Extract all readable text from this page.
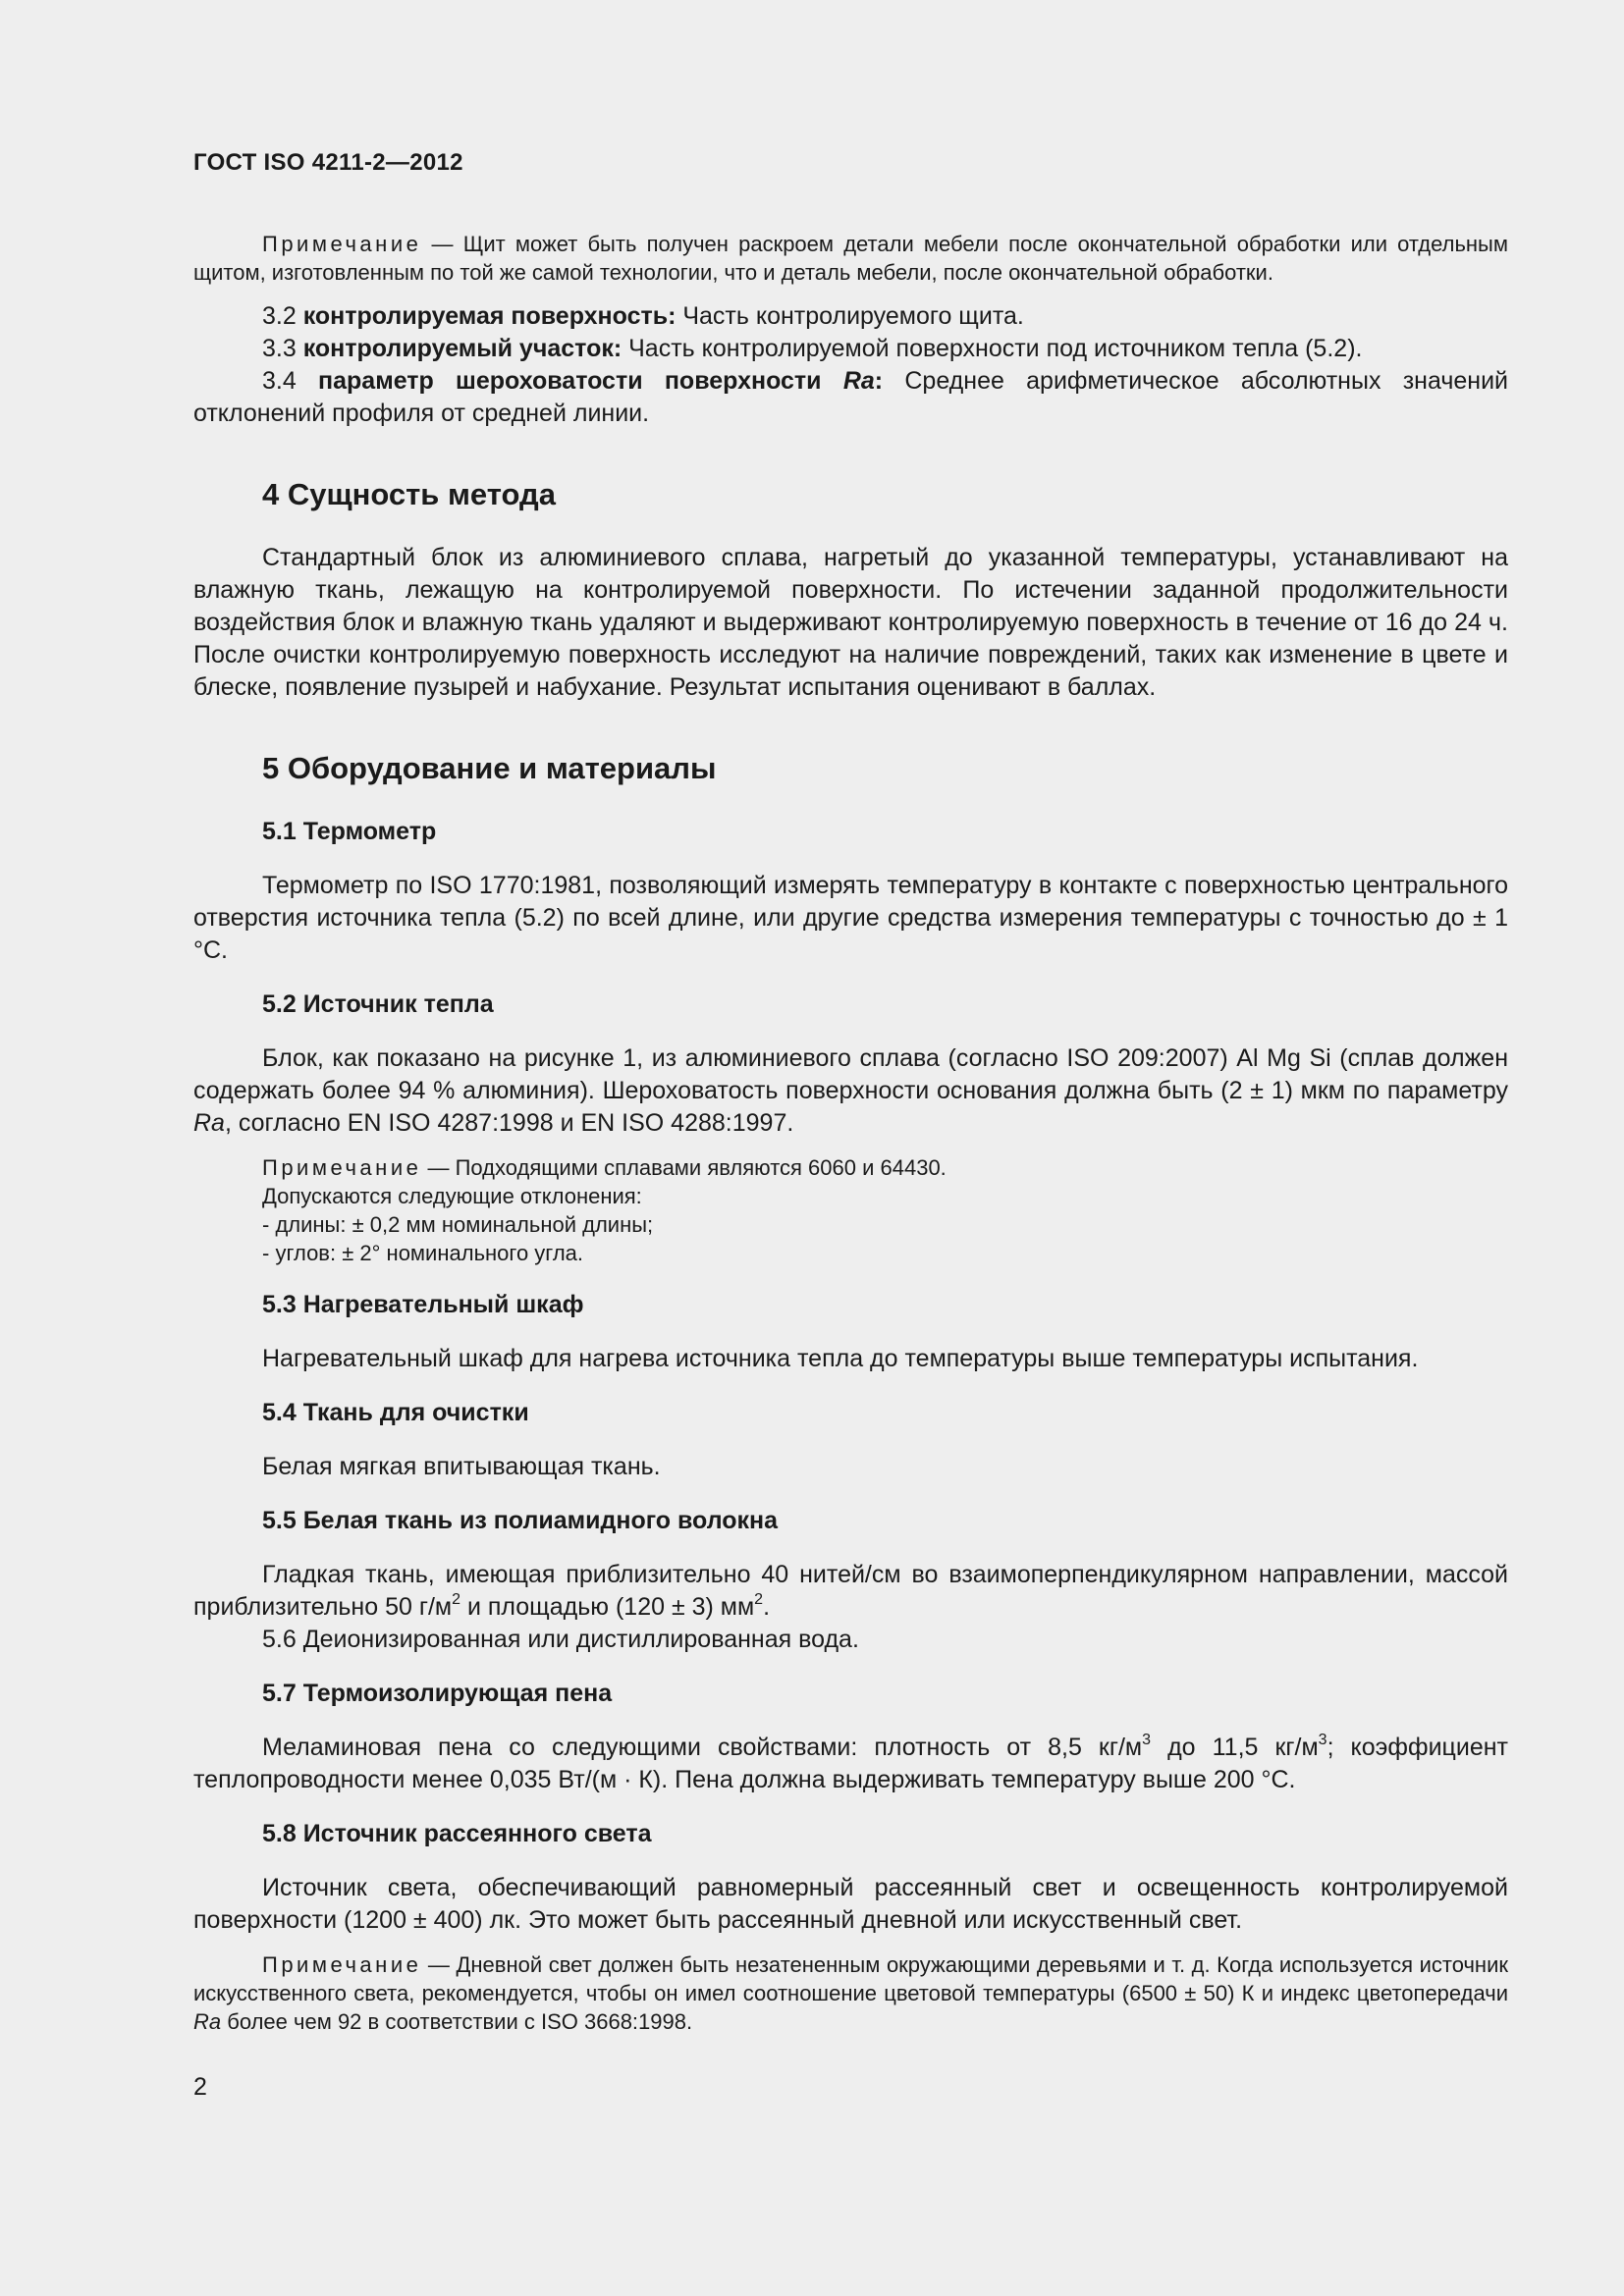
ГОСТ ISO 4211-2—2012

Примечание — Щит может быть получен раскроем детали мебели после окончательной обработки или отдельным щитом, изготовленным по той же самой технологии, что и деталь мебели, после окончательной обработки.

3.2 контролируемая поверхность: Часть контролируемого щита.

3.3 контролируемый участок: Часть контролируемой поверхности под источником тепла (5.2).

3.4 параметр шероховатости поверхности Ra: Среднее арифметическое абсолютных значений отклонений профиля от средней линии.

4 Сущность метода

Стандартный блок из алюминиевого сплава, нагретый до указанной температуры, устанавливают на влажную ткань, лежащую на контролируемой поверхности. По истечении заданной продолжительности воздействия блок и влажную ткань удаляют и выдерживают контролируемую поверхность в течение от 16 до 24 ч. После очистки контролируемую поверхность исследуют на наличие повреждений, таких как изменение в цвете и блеске, появление пузырей и набухание. Результат испытания оценивают в баллах.

5 Оборудование и материалы
5.1 Термометр

Термометр по ISO 1770:1981, позволяющий измерять температуру в контакте с поверхностью центрального отверстия источника тепла (5.2) по всей длине, или другие средства измерения температуры с точностью до ± 1 °С.

5.2 Источник тепла

Блок, как показано на рисунке 1, из алюминиевого сплава (согласно ISO 209:2007) Al Mg Si (сплав должен содержать более 94 % алюминия). Шероховатость поверхности основания должна быть (2 ± 1) мкм по параметру Ra, согласно EN ISO 4287:1998 и EN ISO 4288:1997.

Примечание — Подходящими сплавами являются 6060 и 64430.
Допускаются следующие отклонения:
- длины: ± 0,2 мм номинальной длины;
- углов: ± 2° номинального угла.
5.3 Нагревательный шкаф

Нагревательный шкаф для нагрева источника тепла до температуры выше температуры испытания.

5.4 Ткань для очистки

Белая мягкая впитывающая ткань.

5.5 Белая ткань из полиамидного волокна

Гладкая ткань, имеющая приблизительно 40 нитей/см во взаимоперпендикулярном направлении, массой приблизительно 50 $г/м^2$ и площадью (120 ± 3) $мм^2$.

5.6 Деионизированная или дистиллированная вода.

5.7 Термоизолирующая пена

Меламиновая пена со следующими свойствами: плотность от 8,5 $кг/м^3$ до 11,5 $кг/м^3$; коэффициент теплопроводности менее 0,035 Вт/(м · К). Пена должна выдерживать температуру выше 200 °С.

5.8 Источник рассеянного света

Источник света, обеспечивающий равномерный рассеянный свет и освещенность контролируемой поверхности (1200 ± 400) лк. Это может быть рассеянный дневной или искусственный свет.

Примечание — Дневной свет должен быть незатененным окружающими деревьями и т. д. Когда используется источник искусственного света, рекомендуется, чтобы он имел соотношение цветовой температуры (6500 ± 50) К и индекс цветопередачи Ra более чем 92 в соответствии с ISO 3668:1998.

2
